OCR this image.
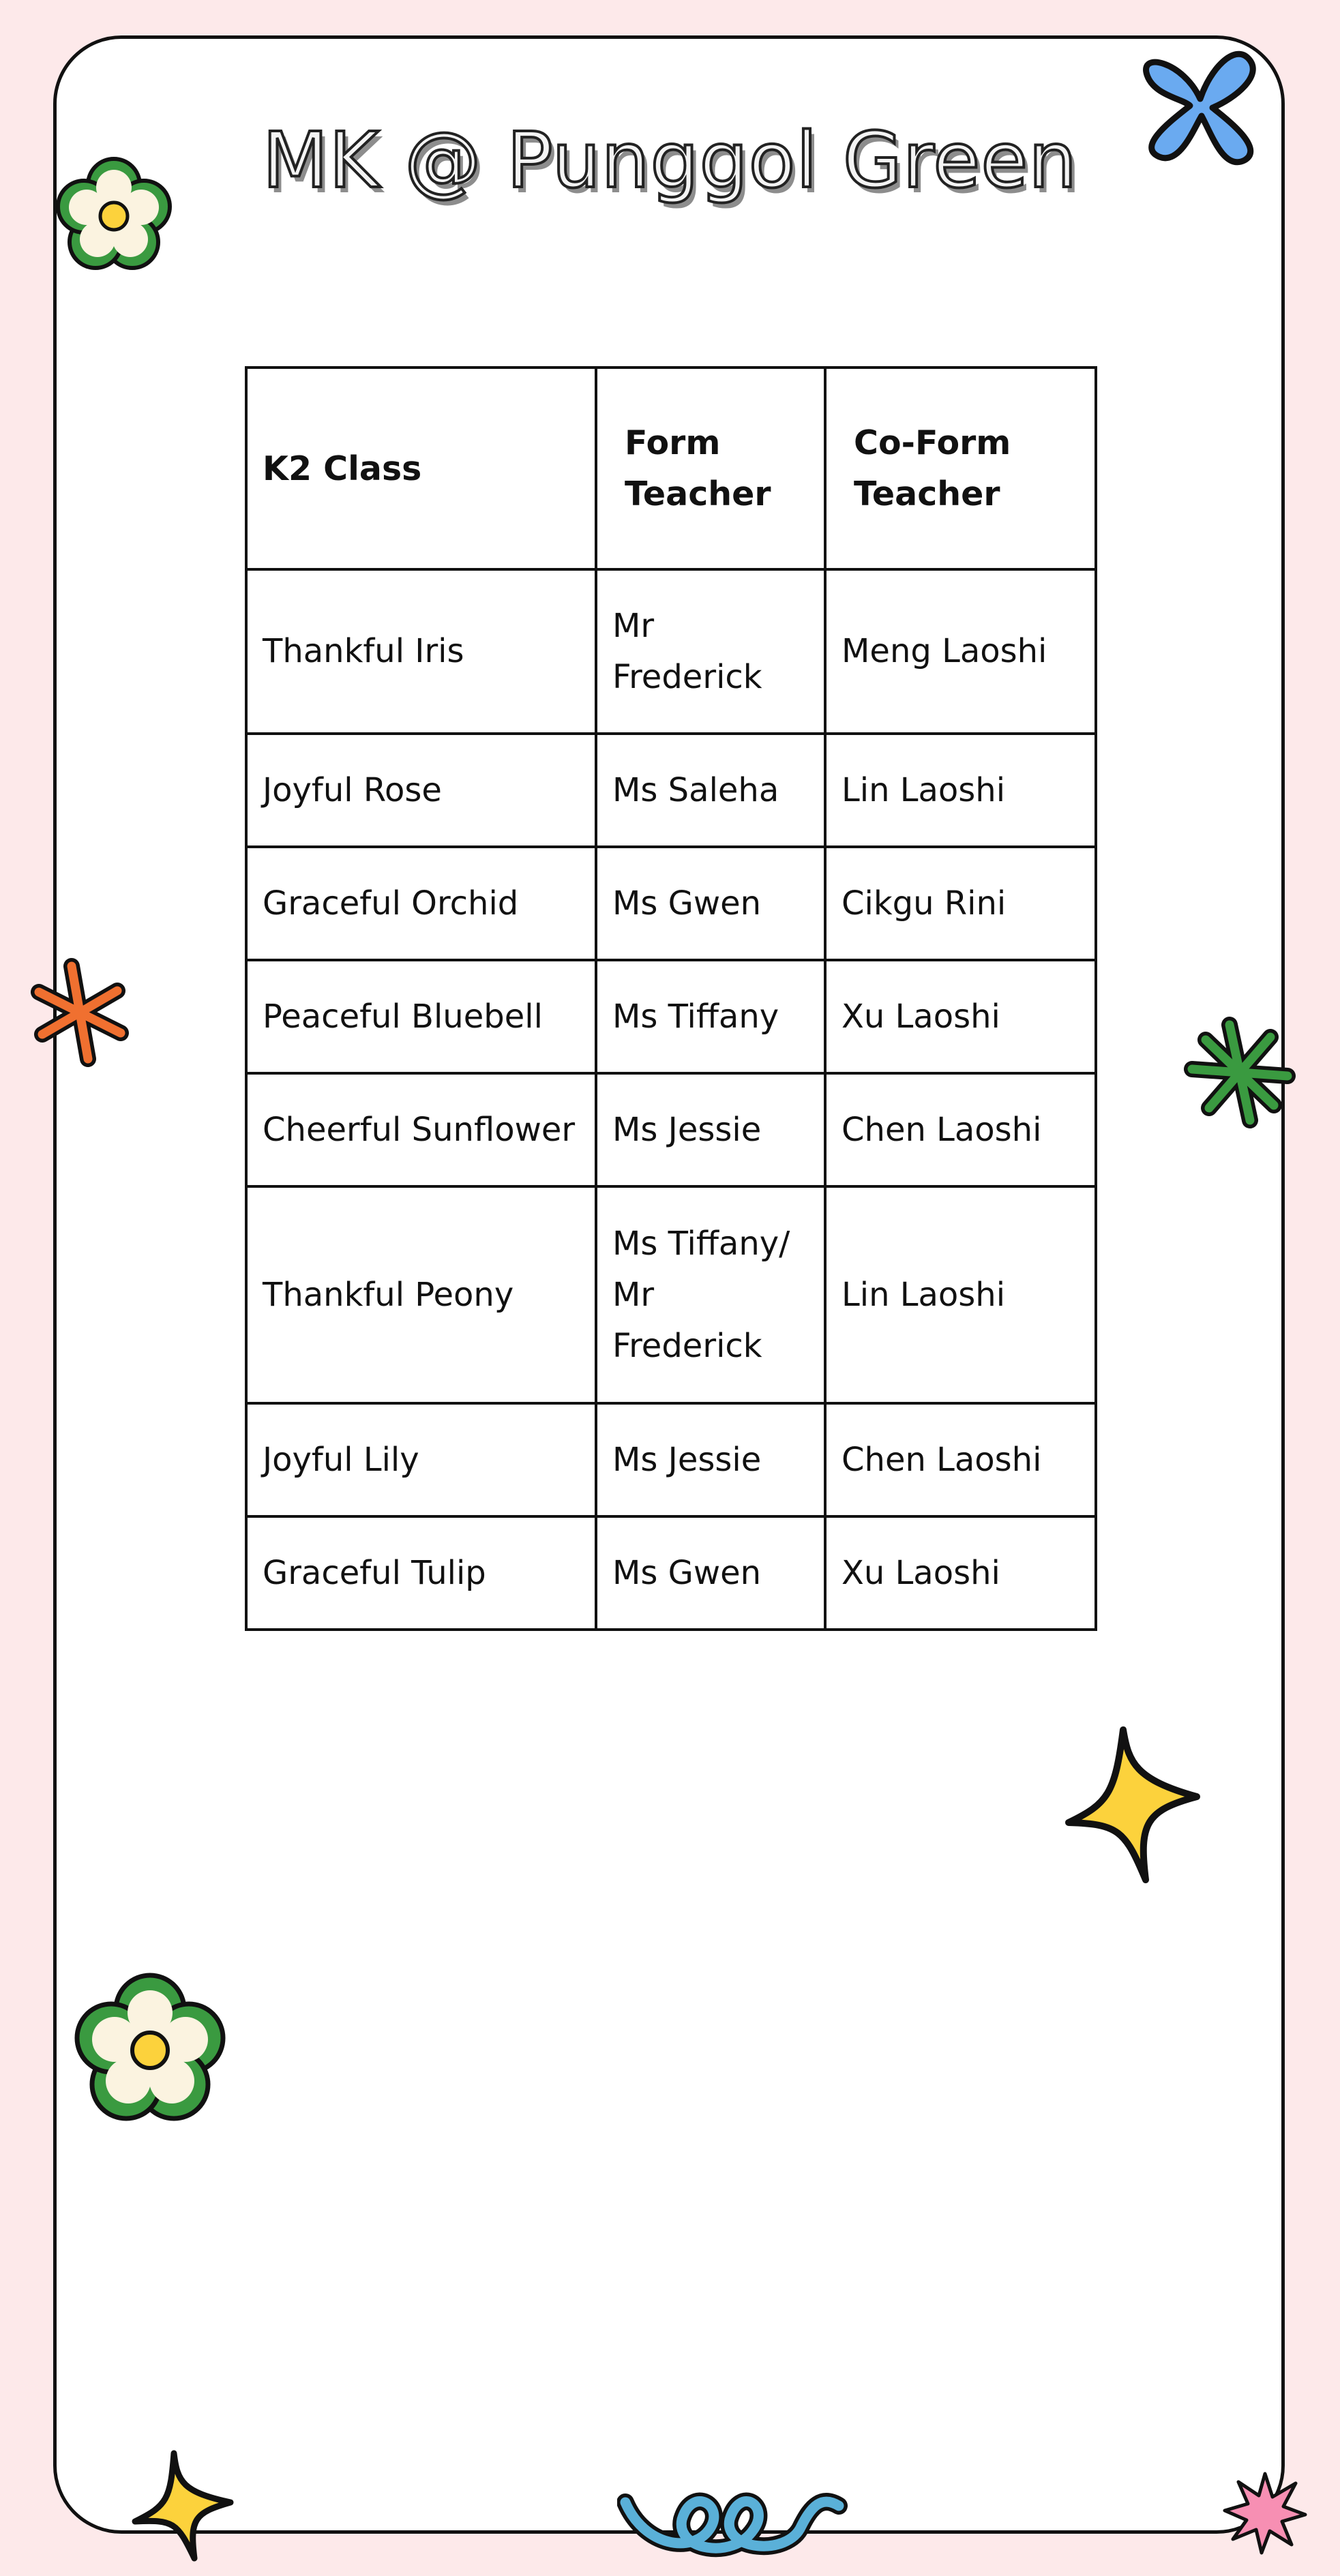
MK @ Punggol Green
K2 Class	Form Teacher	Co-Form Teacher
Thankful Iris	Mr Frederick	Meng Laoshi
Joyful Rose	Ms Saleha	Lin Laoshi
Graceful Orchid	Ms Gwen	Cikgu Rini
Peaceful Bluebell	Ms Tiffany	Xu Laoshi
Cheerful Sunflower	Ms Jessie	Chen Laoshi
Thankful Peony	Ms Tiffany/ Mr Frederick	Lin Laoshi
Joyful Lily	Ms Jessie	Chen Laoshi
Graceful Tulip	Ms Gwen	Xu Laoshi
